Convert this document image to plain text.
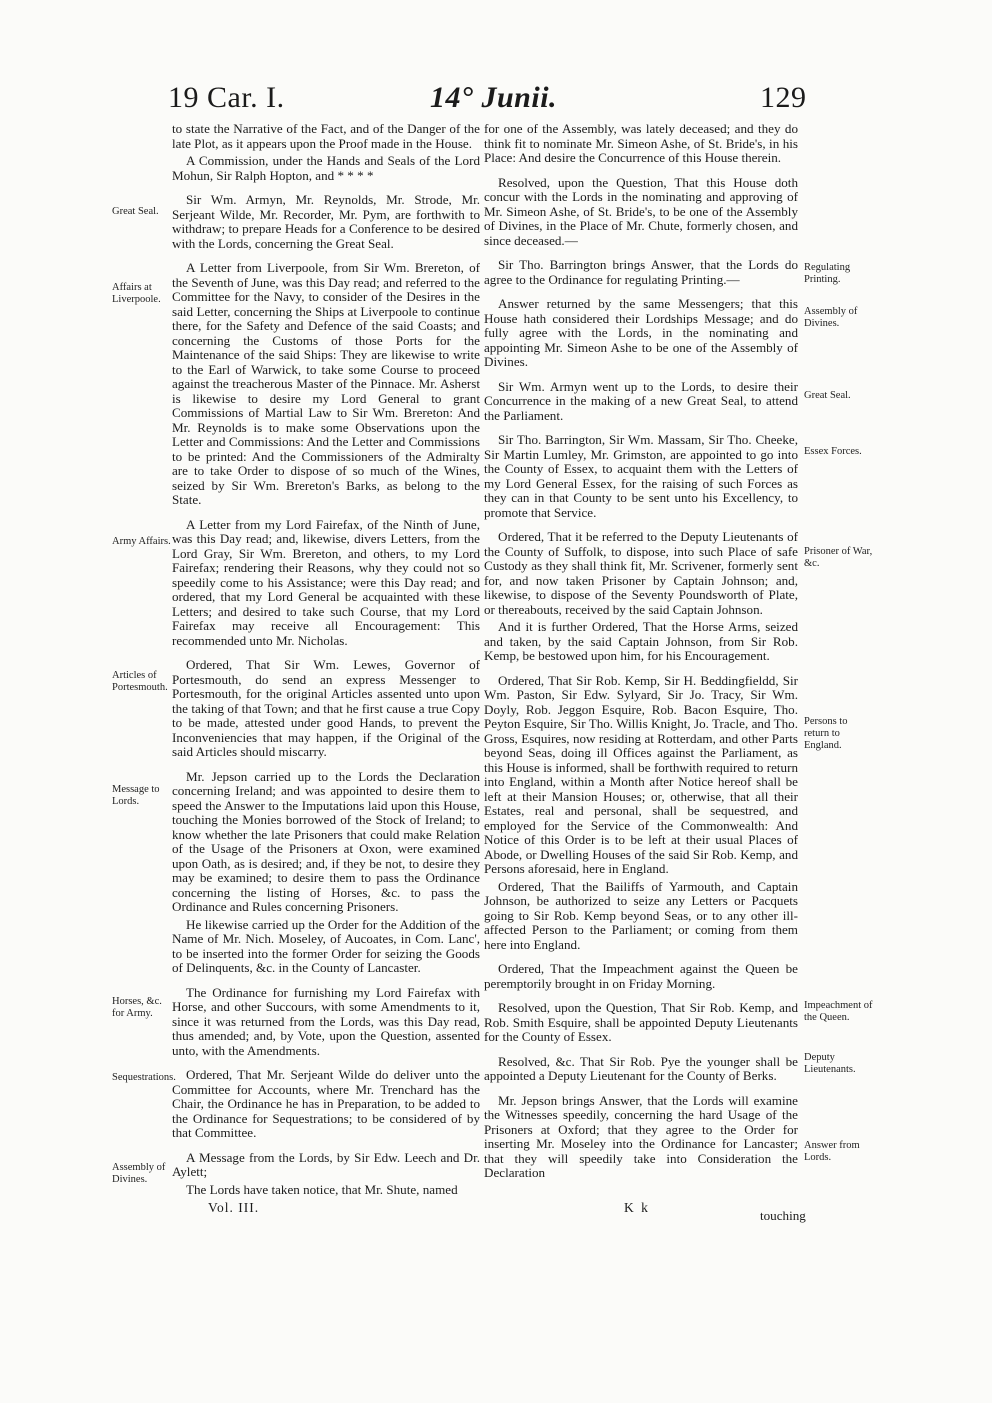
19 Car. I.	14° Junii.	129

to state the Narrative of the Fact, and of the Danger of the late Plot, as it appears upon the Proof made in the House.

A Commission, under the Hands and Seals of the Lord Mohun, Sir Ralph Hopton, and * * * *

Sir Wm. Armyn, Mr. Reynolds, Mr. Strode, Mr. Serjeant Wilde, Mr. Recorder, Mr. Pym, are forthwith to withdraw; to prepare Heads for a Conference to be desired with the Lords, concerning the Great Seal.

A Letter from Liverpoole, from Sir Wm. Brereton, of the Seventh of June, was this Day read; and referred to the Committee for the Navy, to consider of the Desires in the said Letter, concerning the Ships at Liverpoole to continue there, for the Safety and Defence of the said Coasts; and concerning the Customs of those Ports for the Maintenance of the said Ships: They are likewise to write to the Earl of Warwick, to take some Course to proceed against the treacherous Master of the Pinnace. Mr. Asherst is likewise to desire my Lord General to grant Commissions of Martial Law to Sir Wm. Brereton: And Mr. Reynolds is to make some Observations upon the Letter and Commissions: And the Letter and Commissions to be printed: And the Commissioners of the Admiralty are to take Order to dispose of so much of the Wines, seized by Sir Wm. Brereton's Barks, as belong to the State.

A Letter from my Lord Fairefax, of the Ninth of June, was this Day read; and, likewise, divers Letters, from the Lord Gray, Sir Wm. Brereton, and others, to my Lord Fairefax; rendering their Reasons, why they could not so speedily come to his Assistance; were this Day read; and ordered, that my Lord General be acquainted with these Letters; and desired to take such Course, that my Lord Fairefax may receive all Encouragement: This recommended unto Mr. Nicholas.

Ordered, That Sir Wm. Lewes, Governor of Portesmouth, do send an express Messenger to Portesmouth, for the original Articles assented unto upon the taking of that Town; and that he first cause a true Copy to be made, attested under good Hands, to prevent the Inconveniencies that may happen, if the Original of the said Articles should miscarry.

Mr. Jepson carried up to the Lords the Declaration concerning Ireland; and was appointed to desire them to speed the Answer to the Imputations laid upon this House, touching the Monies borrowed of the Stock of Ireland; to know whether the late Prisoners that could make Relation of the Usage of the Prisoners at Oxon, were examined upon Oath, as is desired; and, if they be not, to desire they may be examined; to desire them to pass the Ordinance concerning the listing of Horses, &c. to pass the Ordinance and Rules concerning Prisoners.

He likewise carried up the Order for the Addition of the Name of Mr. Nich. Moseley, of Aucoates, in Com. Lanc', to be inserted into the former Order for seizing the Goods of Delinquents, &c. in the County of Lancaster.

The Ordinance for furnishing my Lord Fairefax with Horse, and other Succours, with some Amendments to it, since it was returned from the Lords, was this Day read, thus amended; and, by Vote, upon the Question, assented unto, with the Amendments.

Ordered, That Mr. Serjeant Wilde do deliver unto the Committee for Accounts, where Mr. Trenchard has the Chair, the Ordinance he has in Preparation, to be added to the Ordinance for Sequestrations; to be considered of by that Committee.

A Message from the Lords, by Sir Edw. Leech and Dr. Aylett;

The Lords have taken notice, that Mr. Shute, named

for one of the Assembly, was lately deceased; and they do think fit to nominate Mr. Simeon Ashe, of St. Bride's, in his Place: And desire the Concurrence of this House therein.

Resolved, upon the Question, That this House doth concur with the Lords in the nominating and approving of Mr. Simeon Ashe, of St. Bride's, to be one of the Assembly of Divines, in the Place of Mr. Chute, formerly chosen, and since deceased.—

Sir Tho. Barrington brings Answer, that the Lords do agree to the Ordinance for regulating Printing.—

Answer returned by the same Messengers; that this House hath considered their Lordships Message; and do fully agree with the Lords, in the nominating and appointing Mr. Simeon Ashe to be one of the Assembly of Divines.

Sir Wm. Armyn went up to the Lords, to desire their Concurrence in the making of a new Great Seal, to attend the Parliament.

Sir Tho. Barrington, Sir Wm. Massam, Sir Tho. Cheeke, Sir Martin Lumley, Mr. Grimston, are appointed to go into the County of Essex, to acquaint them with the Letters of my Lord General Essex, for the raising of such Forces as they can in that County to be sent unto his Excellency, to promote that Service.

Ordered, That it be referred to the Deputy Lieutenants of the County of Suffolk, to dispose, into such Place of safe Custody as they shall think fit, Mr. Scrivener, formerly sent for, and now taken Prisoner by Captain Johnson; and, likewise, to dispose of the Seventy Poundsworth of Plate, or thereabouts, received by the said Captain Johnson.

And it is further Ordered, That the Horse Arms, seized and taken, by the said Captain Johnson, from Sir Rob. Kemp, be bestowed upon him, for his Encouragement.

Ordered, That Sir Rob. Kemp, Sir H. Beddingfieldd, Sir Wm. Paston, Sir Edw. Sylyard, Sir Jo. Tracy, Sir Wm. Doyly, Rob. Jeggon Esquire, Rob. Bacon Esquire, Tho. Peyton Esquire, Sir Tho. Willis Knight, Jo. Tracle, and Tho. Gross, Esquires, now residing at Rotterdam, and other Parts beyond Seas, doing ill Offices against the Parliament, as this House is informed, shall be forthwith required to return into England, within a Month after Notice hereof shall be left at their Mansion Houses; or, otherwise, that all their Estates, real and personal, shall be sequestred, and employed for the Service of the Commonwealth: And Notice of this Order is to be left at their usual Places of Abode, or Dwelling Houses of the said Sir Rob. Kemp, and Persons aforesaid, here in England.

Ordered, That the Bailiffs of Yarmouth, and Captain Johnson, be authorized to seize any Letters or Pacquets going to Sir Rob. Kemp beyond Seas, or to any other ill-affected Person to the Parliament; or coming from them here into England.

Ordered, That the Impeachment against the Queen be peremptorily brought in on Friday Morning.

Resolved, upon the Question, That Sir Rob. Kemp, and Rob. Smith Esquire, shall be appointed Deputy Lieutenants for the County of Essex.

Resolved, &c. That Sir Rob. Pye the younger shall be appointed a Deputy Lieutenant for the County of Berks.

Mr. Jepson brings Answer, that the Lords will examine the Witnesses speedily, concerning the hard Usage of the Prisoners at Oxford; that they agree to the Order for inserting Mr. Moseley into the Ordinance for Lancaster; that they will speedily take into Consideration the Declaration

Great Seal.
Affairs at Liverpoole.
Army Affairs.
Articles of Portesmouth.
Message to Lords.
Horses, &c. for Army.
Sequestrations.
Assembly of Divines.
Regulating Printing.
Assembly of Divines.
Great Seal.
Essex Forces.
Prisoner of War, &c.
Persons to return to England.
Impeachment of the Queen.
Deputy Lieutenants.
Answer from Lords.
Vol. III.	K k
touching
